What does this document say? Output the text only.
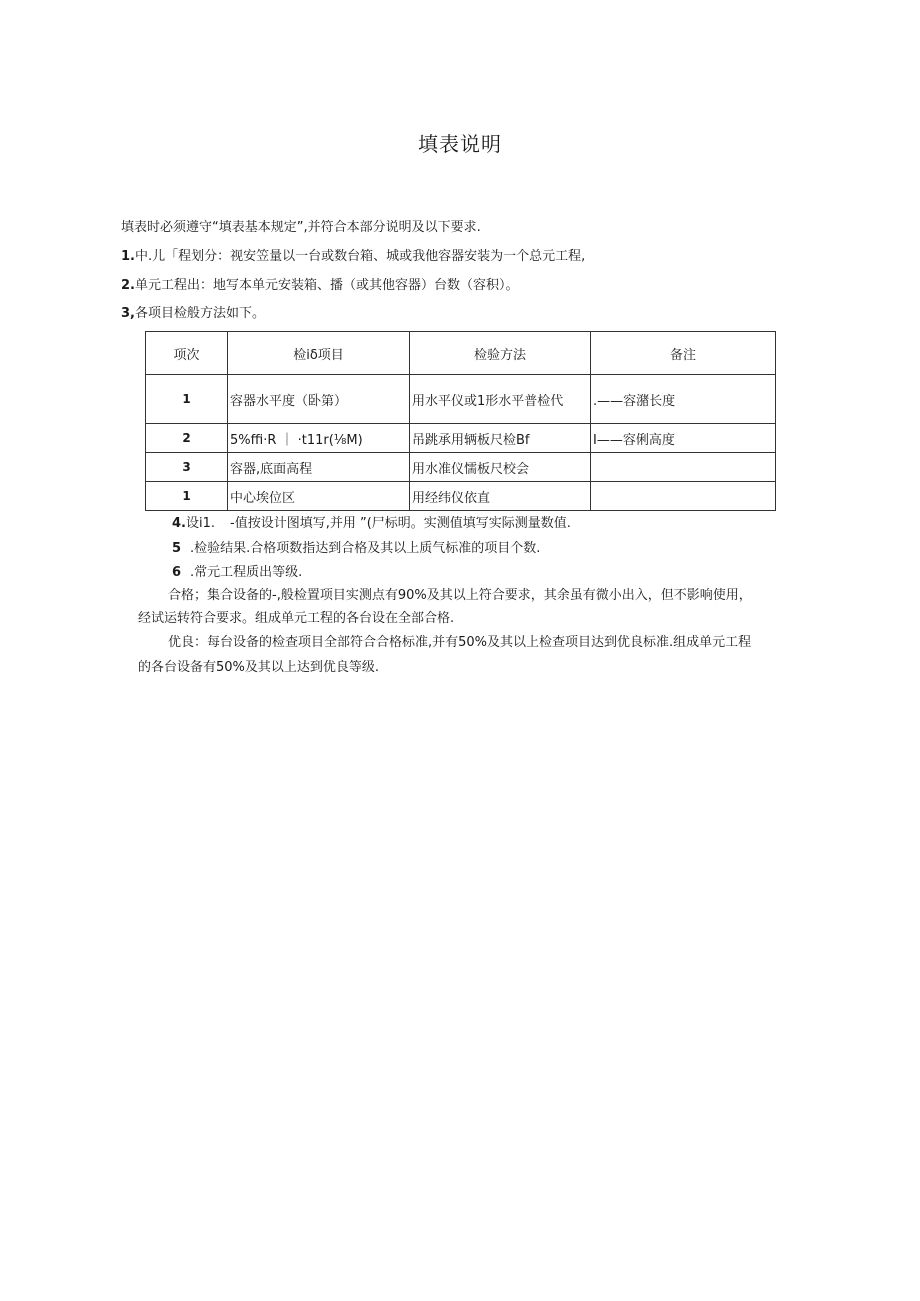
填表说明
填表时必须遵守“填表基本规定”,并符合本部分说明及以下要求.
1.中.儿「程划分：视安笠量以一台或数台箱、城或我他容器安装为一个总元工程,
2.单元工程出：地写本单元安装箱、播（或其他容器）台数（容积）。
3,各项目检般方法如下。
项次	检iδ项目	检验方法	备注
1	容器水平度（卧第）	用水平仪或1形水平普检代	.——容潴长度
2	5%ffi·R ｜ ·t11r(⅛M)	吊跳承用辆板尺检Bf	I——容俐高度
3	容器,底面高程	用水准仪懦板尺校会	
1	中心埃位区	用经纬仪依直	
4.设i1. -值按设计图填写,并用 ”(尸标明。实测值填写实际测量数值.
5 .检验结果.合格项数指达到合格及其以上质气标准的项目个数.
6 .常元工程质出等级.
合格；集合设备的-,般检置项目实测点有90%及其以上符合要求，其余虽有微小出入，但不影响使用，
经试运转符合要求。组成单元工程的各台设在全部合格.
优良：每台设备的检查项目全部符合合格标准,并有50%及其以上检查项目达到优良标准.组成单元工程
的各台设备有50%及其以上达到优良等级.
